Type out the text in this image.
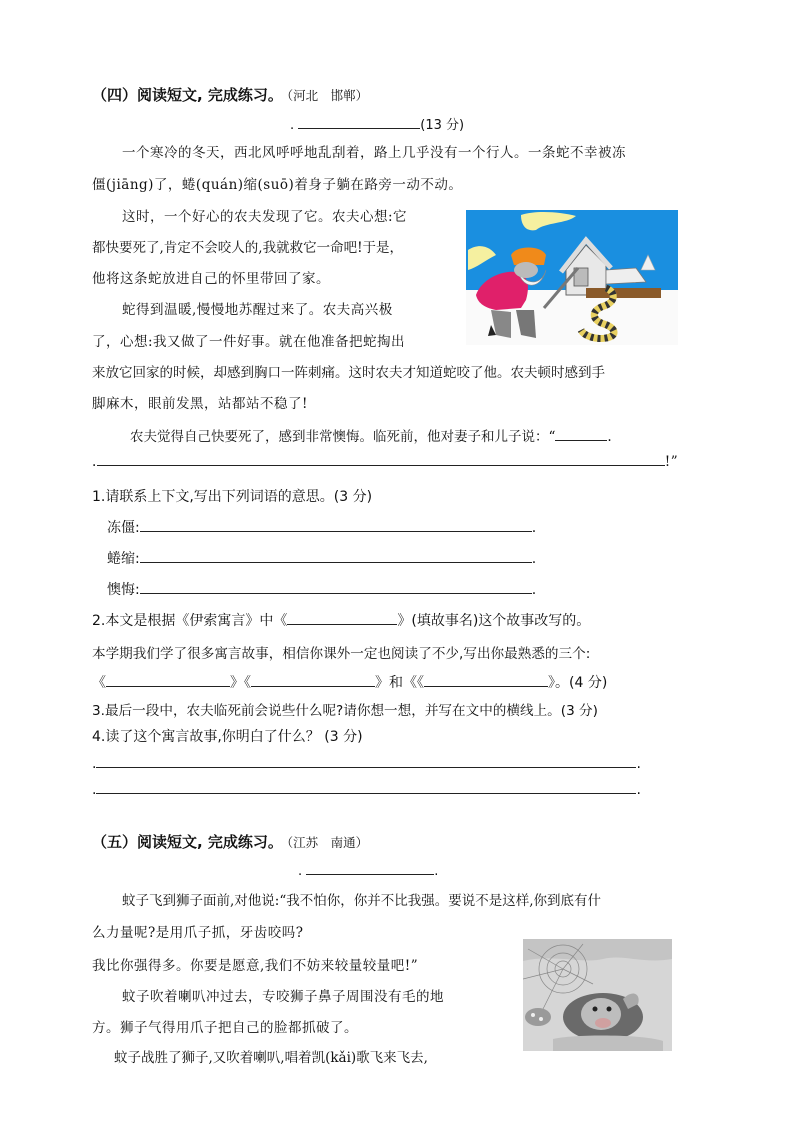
（四）阅读短文, 完成练习。 （河北　邯郸）
.	(13 分)
一个寒冷的冬天，西北风呼呼地乱刮着，路上几乎没有一个行人。一条蛇不幸被冻
僵(jiāng)了，蜷(quán)缩(suō)着身子躺在路旁一动不动。
这时，一个好心的农夫发现了它。农夫心想:它
都快要死了,肯定不会咬人的,我就救它一命吧!于是，
他将这条蛇放进自己的怀里带回了家。
蛇得到温暖,慢慢地苏醒过来了。农夫高兴极
了，心想:我又做了一件好事。就在他准备把蛇掏出
来放它回家的时候，却感到胸口一阵刺痛。这时农夫才知道蛇咬了他。农夫顿时感到手
脚麻木，眼前发黑，站都站不稳了!
农夫觉得自己快要死了，感到非常懊悔。临死前，他对妻子和儿子说：“	.
.	!”
1.请联系上下文,写出下列词语的意思。(3 分)
冻僵:	.
蜷缩:	.
懊悔:	.
2.本文是根据《伊索寓言》中《	》(填故事名)这个故事改写的。
本学期我们学了很多寓言故事，相信你课外一定也阅读了不少,写出你最熟悉的三个:
《	》《	》和《《	》。(4 分)
3.最后一段中，农夫临死前会说些什么呢?请你想一想，并写在文中的横线上。(3 分)
4.读了这个寓言故事,你明白了什么？ (3 分)
.	.
.	.
（五）阅读短文, 完成练习。 （江苏　南通）
.	.
蚊子飞到狮子面前,对他说:“我不怕你，你并不比我强。要说不是这样,你到底有什
么力量呢?是用爪子抓，牙齿咬吗?
我比你强得多。你要是愿意,我们不妨来较量较量吧!”
蚊子吹着喇叭冲过去，专咬狮子鼻子周围没有毛的地
方。狮子气得用爪子把自己的脸都抓破了。
蚊子战胜了狮子,又吹着喇叭,唱着凯(kǎi)歌飞来飞去,
